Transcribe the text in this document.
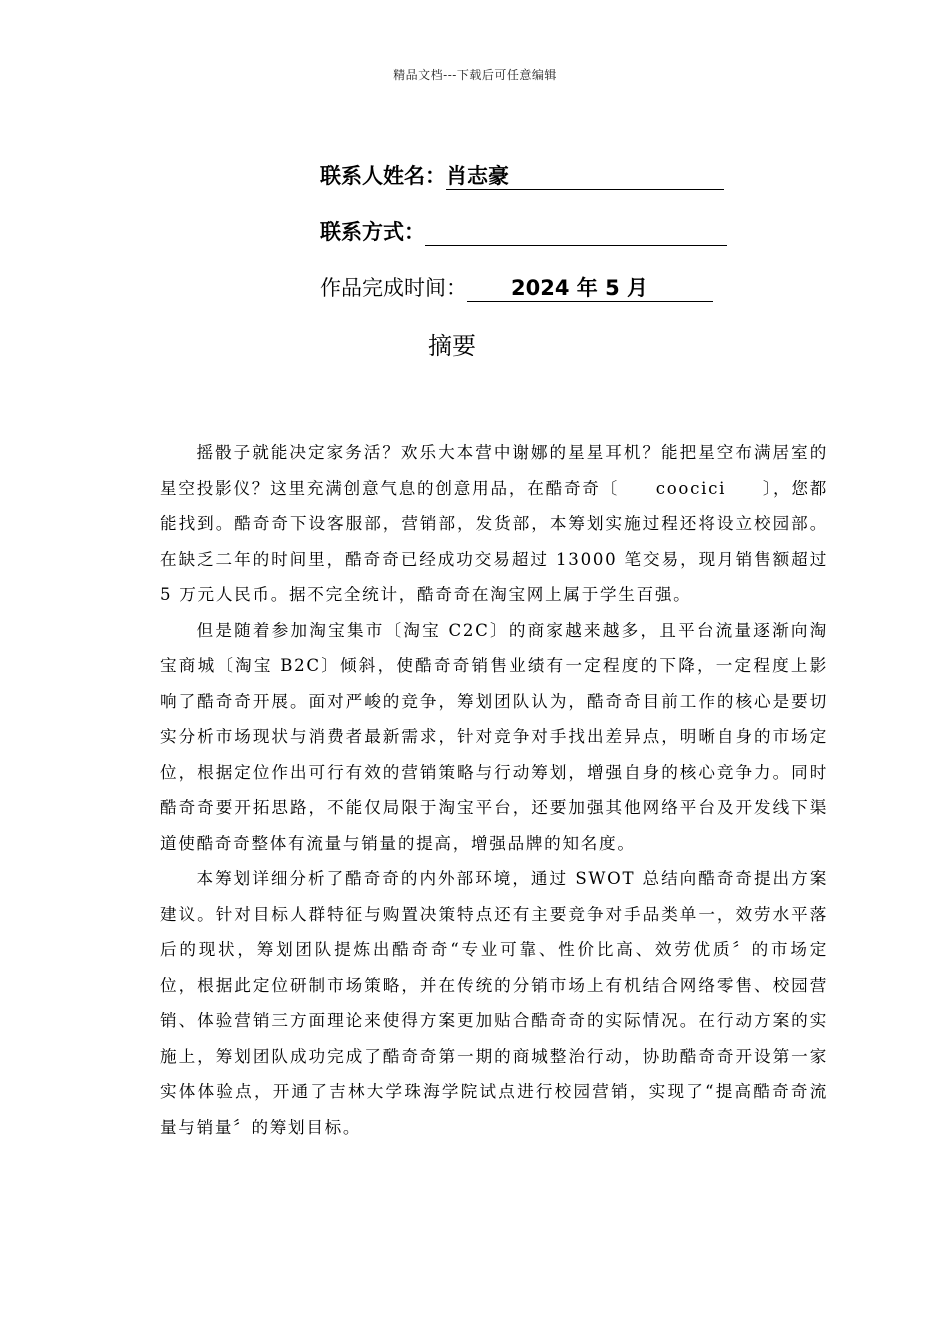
精品文档---下载后可任意编辑
联系人姓名： 肖志豪
联系方式：
作品完成时间：	2024 年 5 月
摘要

摇骰子就能决定家务活？欢乐大本营中谢娜的星星耳机？能把星空布满居室的星空投影仪？这里充满创意气息的创意用品，在酷奇奇〔　　coocici　　〕，您都能找到。酷奇奇下设客服部，营销部，发货部，本筹划实施过程还将设立校园部。在缺乏二年的时间里，酷奇奇已经成功交易超过 13000 笔交易，现月销售额超过 5 万元人民币。据不完全统计，酷奇奇在淘宝网上属于学生百强。

但是随着参加淘宝集市〔淘宝 C2C〕的商家越来越多，且平台流量逐渐向淘宝商城〔淘宝 B2C〕倾斜，使酷奇奇销售业绩有一定程度的下降，一定程度上影响了酷奇奇开展。面对严峻的竞争，筹划团队认为，酷奇奇目前工作的核心是要切实分析市场现状与消费者最新需求，针对竞争对手找出差异点，明晰自身的市场定位，根据定位作出可行有效的营销策略与行动筹划，增强自身的核心竞争力。同时酷奇奇要开拓思路，不能仅局限于淘宝平台，还要加强其他网络平台及开发线下渠道使酷奇奇整体有流量与销量的提高，增强品牌的知名度。

本筹划详细分析了酷奇奇的内外部环境，通过 SWOT 总结向酷奇奇提出方案建议。针对目标人群特征与购置决策特点还有主要竞争对手品类单一，效劳水平落后的现状，筹划团队提炼出酷奇奇“专业可靠、性价比高、效劳优质〞的市场定位，根据此定位研制市场策略，并在传统的分销市场上有机结合网络零售、校园营销、体验营销三方面理论来使得方案更加贴合酷奇奇的实际情况。在行动方案的实施上，筹划团队成功完成了酷奇奇第一期的商城整治行动，协助酷奇奇开设第一家实体体验点，开通了吉林大学珠海学院试点进行校园营销，实现了“提高酷奇奇流量与销量〞的筹划目标。
